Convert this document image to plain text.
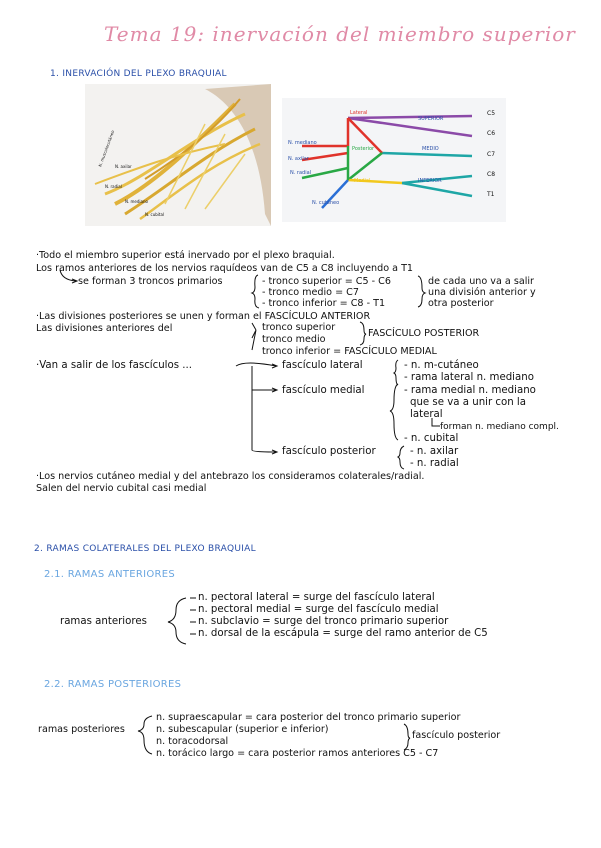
Tema 19: inervación del miembro superior
1. INERVACIÓN DEL PLEXO BRAQUIAL
N. musculocutáneo N. axilar
N. radial
N. mediano
N. cubital
Lateral
Posterior
Medial
SUPERIOR
MEDIO
INFERIOR
N. mediano
N. axilar
N. radial
N. cutáneo
C5
C6
C7
C8
T1
·Todo el miembro superior está inervado por el plexo braquial.
Los ramos anteriores de los nervios raquídeos van de C5 a C8 incluyendo a T1
se forman 3 troncos primarios	- tronco superior = C5 - C6
- tronco medio = C7
- tronco inferior = C8 - T1
de cada uno va a salir
una división anterior y
otra posterior
·Las divisiones posteriores se unen y forman el FASCÍCULO ANTERIOR
Las divisiones anteriores del	tronco superior
tronco medio
tronco inferior = FASCÍCULO MEDIAL
FASCÍCULO POSTERIOR
·Van a salir de los fascículos ...	fascículo lateral	- n. m-cutáneo
- rama lateral n. mediano
fascículo medial	- rama medial n. mediano
que se va a unir con la
lateral
forman n. mediano compl.
- n. cubital
fascículo posterior	- n. axilar
- n. radial
·Los nervios cutáneo medial y del antebrazo los consideramos colaterales/radial.
Salen del nervio cubital casi medial
2. RAMAS COLATERALES DEL PLEXO BRAQUIAL
2.1. RAMAS ANTERIORES
ramas anteriores
n. pectoral lateral = surge del fascículo lateral
n. pectoral medial = surge del fascículo medial
n. subclavio = surge del tronco primario superior
n. dorsal de la escápula = surge del ramo anterior de C5
2.2. RAMAS POSTERIORES
ramas posteriores
n. supraescapular = cara posterior del tronco primario superior
n. subescapular (superior e inferior)
n. toracodorsal
n. torácico largo = cara posterior ramos anteriores C5 - C7
fascículo posterior
